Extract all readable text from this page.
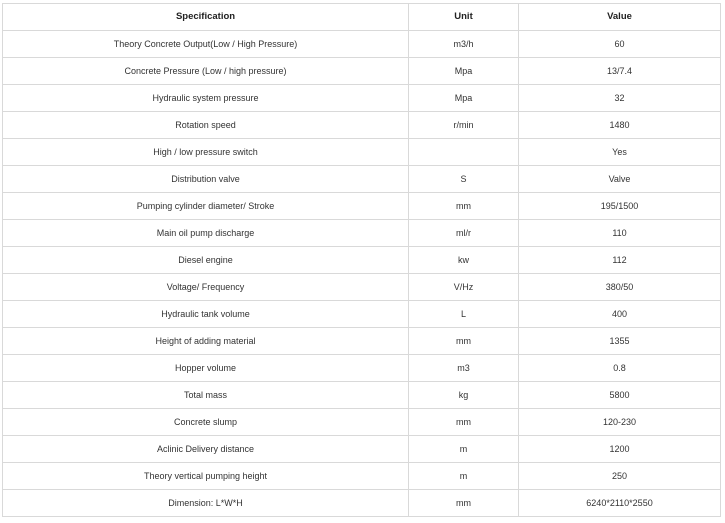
Specification	Unit	Value
Theory Concrete Output(Low / High Pressure)	m3/h	60
Concrete Pressure (Low / high pressure)	Mpa	13/7.4
Hydraulic system pressure	Mpa	32
Rotation speed	r/min	1480
High / low pressure switch		Yes
Distribution valve	S	Valve
Pumping cylinder diameter/ Stroke	mm	195/1500
Main oil pump discharge	ml/r	110
Diesel engine	kw	112
Voltage/ Frequency	V/Hz	380/50
Hydraulic tank volume	L	400
Height of adding material	mm	1355
Hopper volume	m3	0.8
Total mass	kg	5800
Concrete slump	mm	120-230
Aclinic Delivery distance	m	1200
Theory vertical pumping height	m	250
Dimension: L*W*H	mm	6240*2110*2550
